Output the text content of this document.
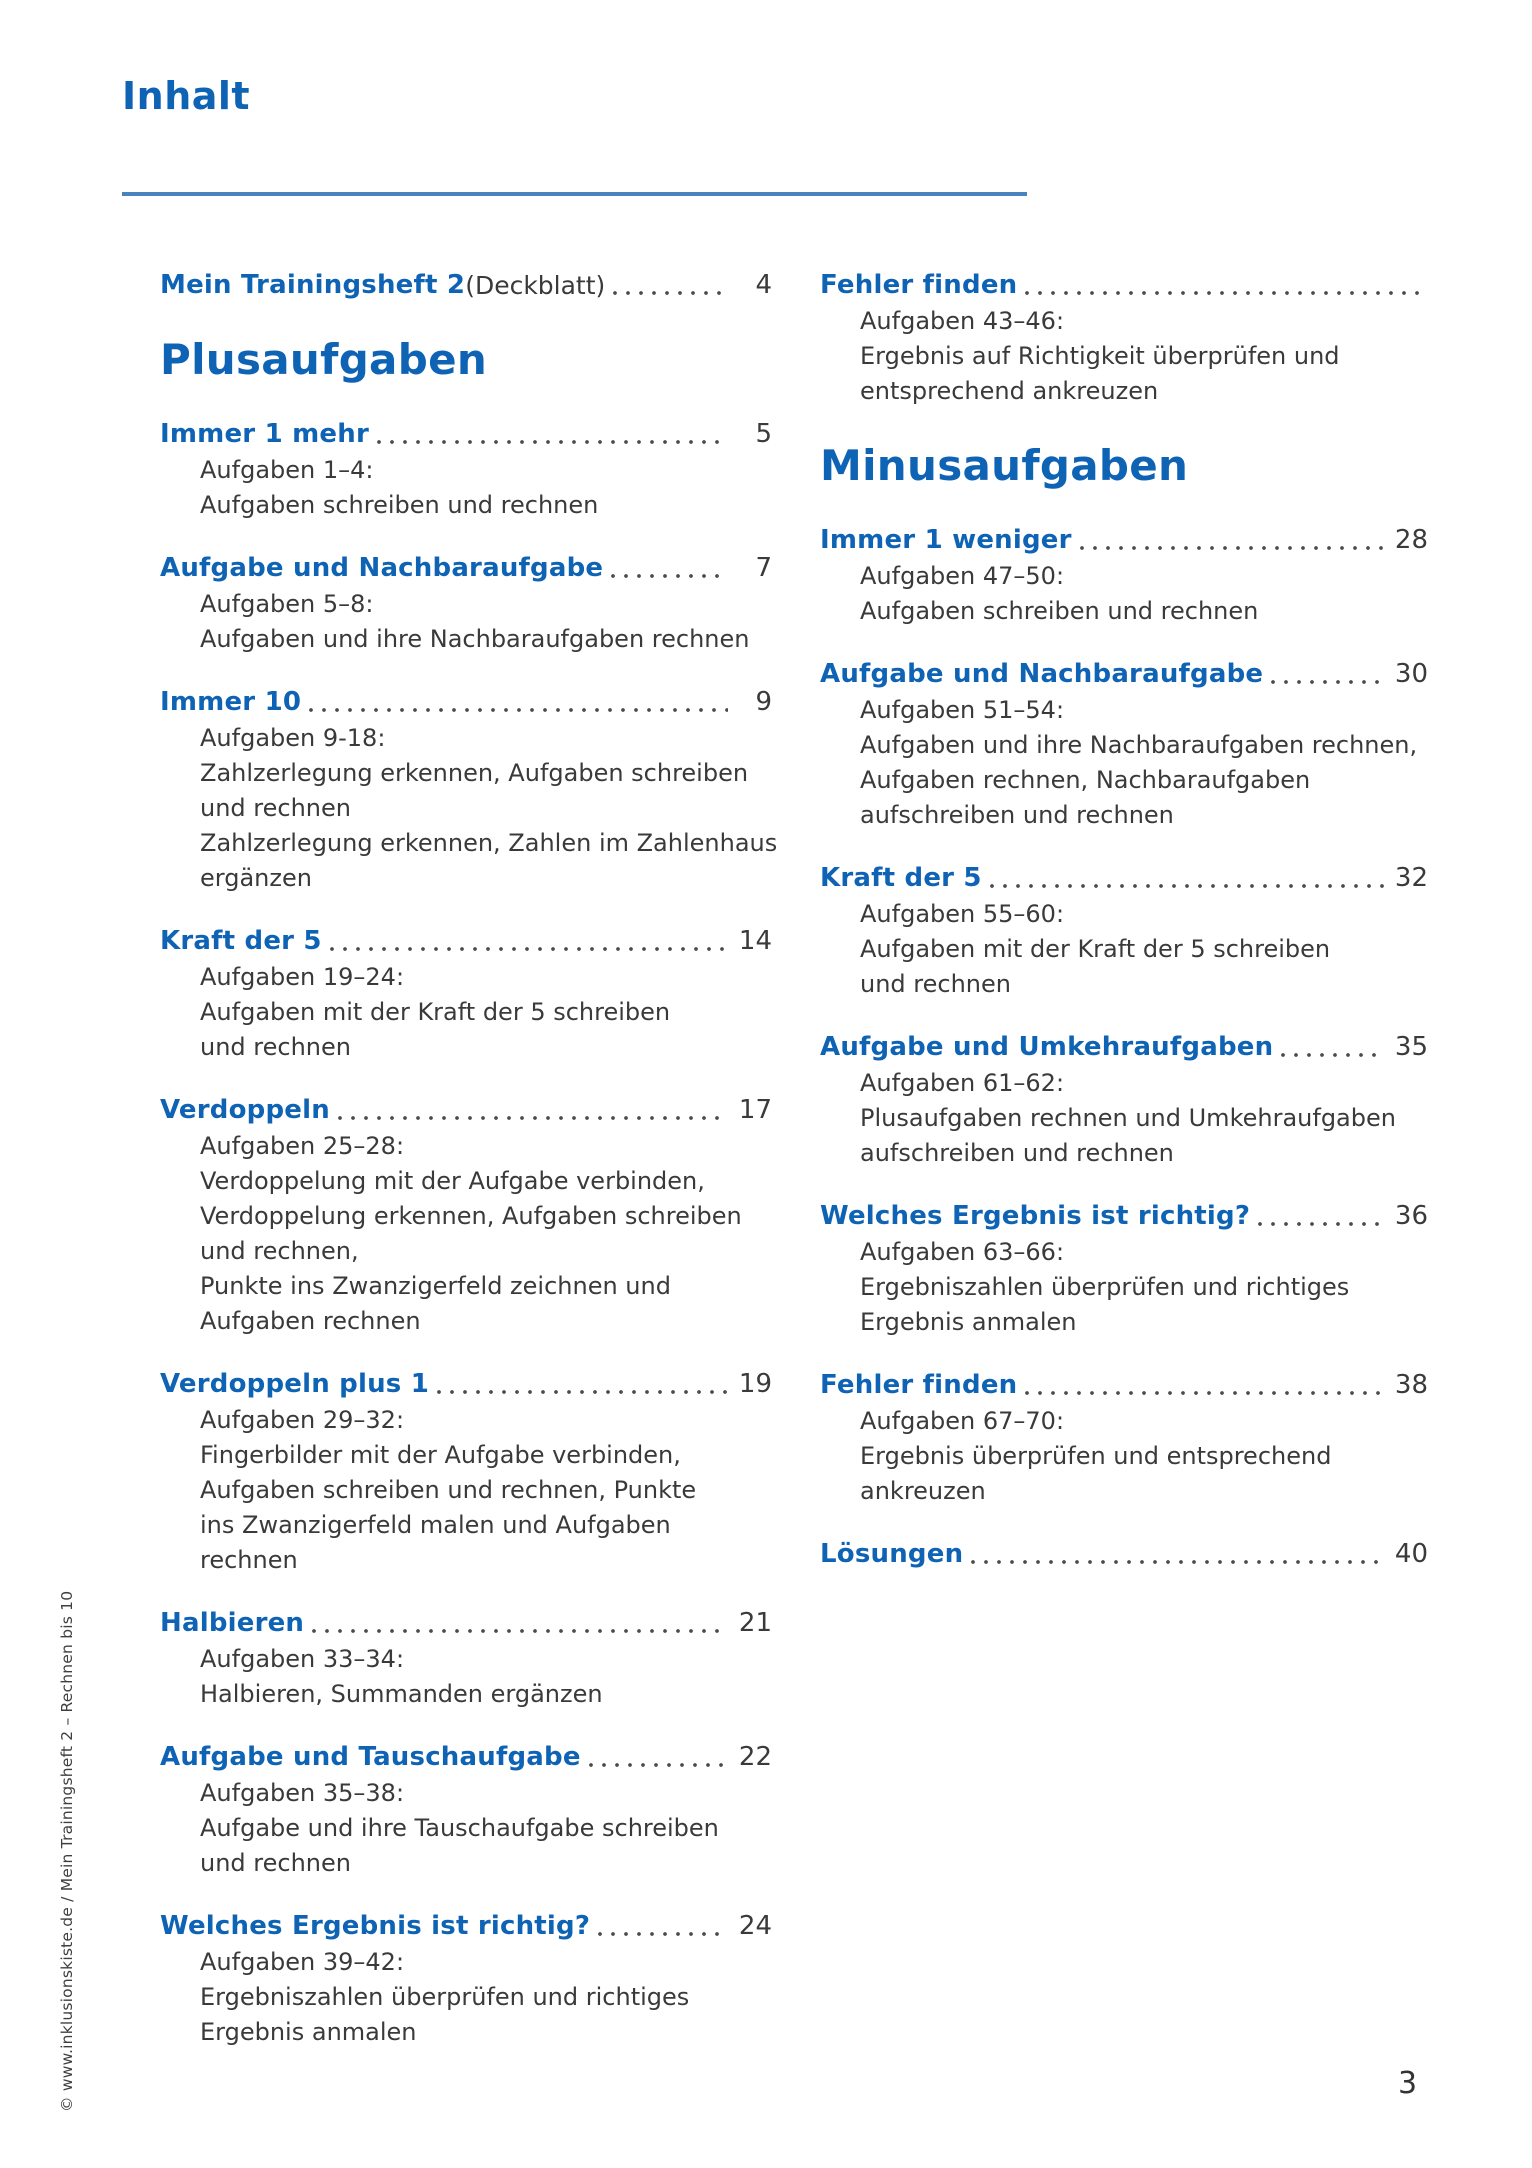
Inhalt
Mein Trainingsheft 2 (Deckblatt)	4
Plusaufgaben
Immer 1 mehr	5
Aufgaben 1–4:
Aufgaben schreiben und rechnen
Aufgabe und Nachbaraufgabe	7
Aufgaben 5–8:
Aufgaben und ihre Nachbaraufgaben rechnen
Immer 10	9
Aufgaben 9-18:
Zahlzerlegung erkennen, Aufgaben schreiben
und rechnen
Zahlzerlegung erkennen, Zahlen im Zahlenhaus
ergänzen
Kraft der 5	14
Aufgaben 19–24:
Aufgaben mit der Kraft der 5 schreiben
und rechnen
Verdoppeln	17
Aufgaben 25–28:
Verdoppelung mit der Aufgabe verbinden,
Verdoppelung erkennen, Aufgaben schreiben
und rechnen,
Punkte ins Zwanzigerfeld zeichnen und
Aufgaben rechnen
Verdoppeln plus 1	19
Aufgaben 29–32:
Fingerbilder mit der Aufgabe verbinden,
Aufgaben schreiben und rechnen, Punkte
ins Zwanzigerfeld malen und Aufgaben
rechnen
Halbieren	21
Aufgaben 33–34:
Halbieren, Summanden ergänzen
Aufgabe und Tauschaufgabe	22
Aufgaben 35–38:
Aufgabe und ihre Tauschaufgabe schreiben
und rechnen
Welches Ergebnis ist richtig?	24
Aufgaben 39–42:
Ergebniszahlen überprüfen und richtiges
Ergebnis anmalen
Fehler finden
Aufgaben 43–46:
Ergebnis auf Richtigkeit überprüfen und
entsprechend ankreuzen
Minusaufgaben
Immer 1 weniger	28
Aufgaben 47–50:
Aufgaben schreiben und rechnen
Aufgabe und Nachbaraufgabe	30
Aufgaben 51–54:
Aufgaben und ihre Nachbaraufgaben rechnen,
Aufgaben rechnen, Nachbaraufgaben
aufschreiben und rechnen
Kraft der 5	32
Aufgaben 55–60:
Aufgaben mit der Kraft der 5 schreiben
und rechnen
Aufgabe und Umkehraufgaben	35
Aufgaben 61–62:
Plusaufgaben rechnen und Umkehraufgaben
aufschreiben und rechnen
Welches Ergebnis ist richtig?	36
Aufgaben 63–66:
Ergebniszahlen überprüfen und richtiges
Ergebnis anmalen
Fehler finden	38
Aufgaben 67–70:
Ergebnis überprüfen und entsprechend
ankreuzen
Lösungen	40
© www.inklusionskiste.de / Mein Trainingsheft 2 – Rechnen bis 10	3
